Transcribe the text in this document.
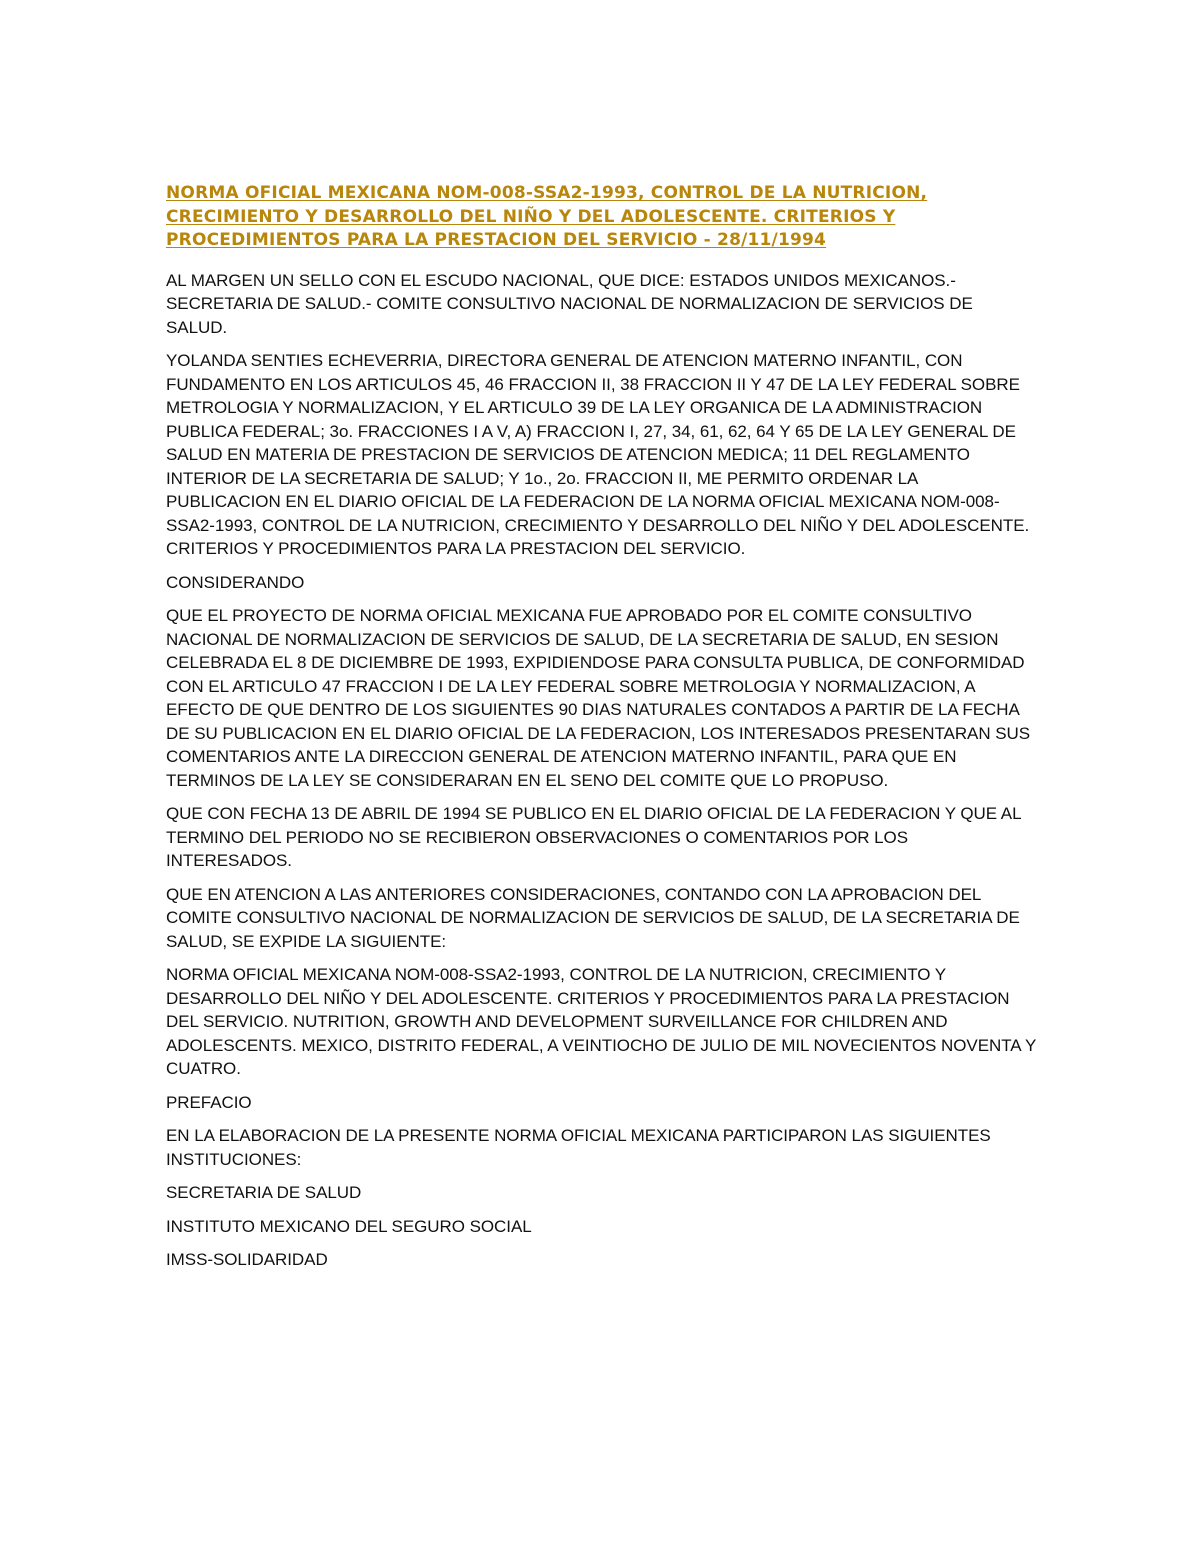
NORMA OFICIAL MEXICANA NOM-008-SSA2-1993, CONTROL DE LA NUTRICION, CRECIMIENTO Y DESARROLLO DEL NIÑO Y DEL ADOLESCENTE. CRITERIOS Y PROCEDIMIENTOS PARA LA PRESTACION DEL SERVICIO - 28/11/1994

AL MARGEN UN SELLO CON EL ESCUDO NACIONAL, QUE DICE: ESTADOS UNIDOS MEXICANOS.- SECRETARIA DE SALUD.- COMITE CONSULTIVO NACIONAL DE NORMALIZACION DE SERVICIOS DE SALUD.

YOLANDA SENTIES ECHEVERRIA, DIRECTORA GENERAL DE ATENCION MATERNO INFANTIL, CON FUNDAMENTO EN LOS ARTICULOS 45, 46 FRACCION II, 38 FRACCION II Y 47 DE LA LEY FEDERAL SOBRE METROLOGIA Y NORMALIZACION, Y EL ARTICULO 39 DE LA LEY ORGANICA DE LA ADMINISTRACION PUBLICA FEDERAL; 3o. FRACCIONES I A V, A) FRACCION I, 27, 34, 61, 62, 64 Y 65 DE LA LEY GENERAL DE SALUD EN MATERIA DE PRESTACION DE SERVICIOS DE ATENCION MEDICA; 11 DEL REGLAMENTO INTERIOR DE LA SECRETARIA DE SALUD; Y 1o., 2o. FRACCION II, ME PERMITO ORDENAR LA PUBLICACION EN EL DIARIO OFICIAL DE LA FEDERACION DE LA NORMA OFICIAL MEXICANA NOM-008-SSA2-1993, CONTROL DE LA NUTRICION, CRECIMIENTO Y DESARROLLO DEL NIÑO Y DEL ADOLESCENTE. CRITERIOS Y PROCEDIMIENTOS PARA LA PRESTACION DEL SERVICIO.

CONSIDERANDO

QUE EL PROYECTO DE NORMA OFICIAL MEXICANA FUE APROBADO POR EL COMITE CONSULTIVO NACIONAL DE NORMALIZACION DE SERVICIOS DE SALUD, DE LA SECRETARIA DE SALUD, EN SESION CELEBRADA EL 8 DE DICIEMBRE DE 1993, EXPIDIENDOSE PARA CONSULTA PUBLICA, DE CONFORMIDAD CON EL ARTICULO 47 FRACCION I DE LA LEY FEDERAL SOBRE METROLOGIA Y NORMALIZACION, A EFECTO DE QUE DENTRO DE LOS SIGUIENTES 90 DIAS NATURALES CONTADOS A PARTIR DE LA FECHA DE SU PUBLICACION EN EL DIARIO OFICIAL DE LA FEDERACION, LOS INTERESADOS PRESENTARAN SUS COMENTARIOS ANTE LA DIRECCION GENERAL DE ATENCION MATERNO INFANTIL, PARA QUE EN TERMINOS DE LA LEY SE CONSIDERARAN EN EL SENO DEL COMITE QUE LO PROPUSO.

QUE CON FECHA 13 DE ABRIL DE 1994 SE PUBLICO EN EL DIARIO OFICIAL DE LA FEDERACION Y QUE AL TERMINO DEL PERIODO NO SE RECIBIERON OBSERVACIONES O COMENTARIOS POR LOS INTERESADOS.

QUE EN ATENCION A LAS ANTERIORES CONSIDERACIONES, CONTANDO CON LA APROBACION DEL COMITE CONSULTIVO NACIONAL DE NORMALIZACION DE SERVICIOS DE SALUD, DE LA SECRETARIA DE SALUD, SE EXPIDE LA SIGUIENTE:

NORMA OFICIAL MEXICANA NOM-008-SSA2-1993, CONTROL DE LA NUTRICION, CRECIMIENTO Y DESARROLLO DEL NIÑO Y DEL ADOLESCENTE. CRITERIOS Y PROCEDIMIENTOS PARA LA PRESTACION DEL SERVICIO. NUTRITION, GROWTH AND DEVELOPMENT SURVEILLANCE FOR CHILDREN AND ADOLESCENTS. MEXICO, DISTRITO FEDERAL, A VEINTIOCHO DE JULIO DE MIL NOVECIENTOS NOVENTA Y CUATRO.

PREFACIO

EN LA ELABORACION DE LA PRESENTE NORMA OFICIAL MEXICANA PARTICIPARON LAS SIGUIENTES INSTITUCIONES:

SECRETARIA DE SALUD

INSTITUTO MEXICANO DEL SEGURO SOCIAL

IMSS-SOLIDARIDAD
